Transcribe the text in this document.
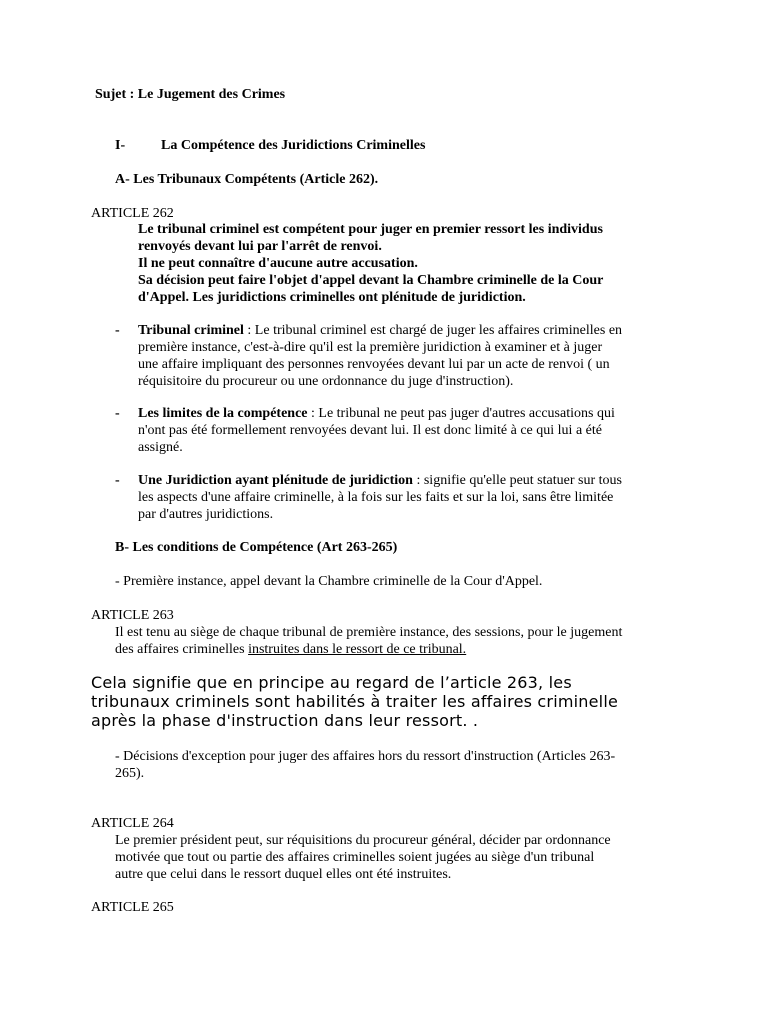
Sujet : Le Jugement des Crimes
I-	La Compétence des Juridictions Criminelles
A- Les Tribunaux Compétents (Article 262).
ARTICLE 262

Le tribunal criminel est compétent pour juger en premier ressort les individus

renvoyés devant lui par l'arrêt de renvoi.

Il ne peut connaître d'aucune autre accusation.

Sa décision peut faire l'objet d'appel devant la Chambre criminelle de la Cour

d'Appel. Les juridictions criminelles ont plénitude de juridiction.

-	Tribunal criminel : Le tribunal criminel est chargé de juger les affaires criminelles en

première instance, c'est-à-dire qu'il est la première juridiction à examiner et à juger

une affaire impliquant des personnes renvoyées devant lui par un acte de renvoi ( un

réquisitoire du procureur ou une ordonnance du juge d'instruction).

-	Les limites de la compétence : Le tribunal ne peut pas juger d'autres accusations qui

n'ont pas été formellement renvoyées devant lui. Il est donc limité à ce qui lui a été

assigné.

-	Une Juridiction ayant plénitude de juridiction : signifie qu'elle peut statuer sur tous

les aspects d'une affaire criminelle, à la fois sur les faits et sur la loi, sans être limitée

par d'autres juridictions.

B- Les conditions de Compétence (Art 263-265)
- Première instance, appel devant la Chambre criminelle de la Cour d'Appel.
ARTICLE 263

Il est tenu au siège de chaque tribunal de première instance, des sessions, pour le jugement

des affaires criminelles instruites dans le ressort de ce tribunal.

Cela signifie que en principe au regard de l’article 263, les

tribunaux criminels sont habilités à traiter les affaires criminelle

après la phase d'instruction dans leur ressort. .

- Décisions d'exception pour juger des affaires hors du ressort d'instruction (Articles 263-

265).

ARTICLE 264

Le premier président peut, sur réquisitions du procureur général, décider par ordonnance

motivée que tout ou partie des affaires criminelles soient jugées au siège d'un tribunal

autre que celui dans le ressort duquel elles ont été instruites.

ARTICLE 265
